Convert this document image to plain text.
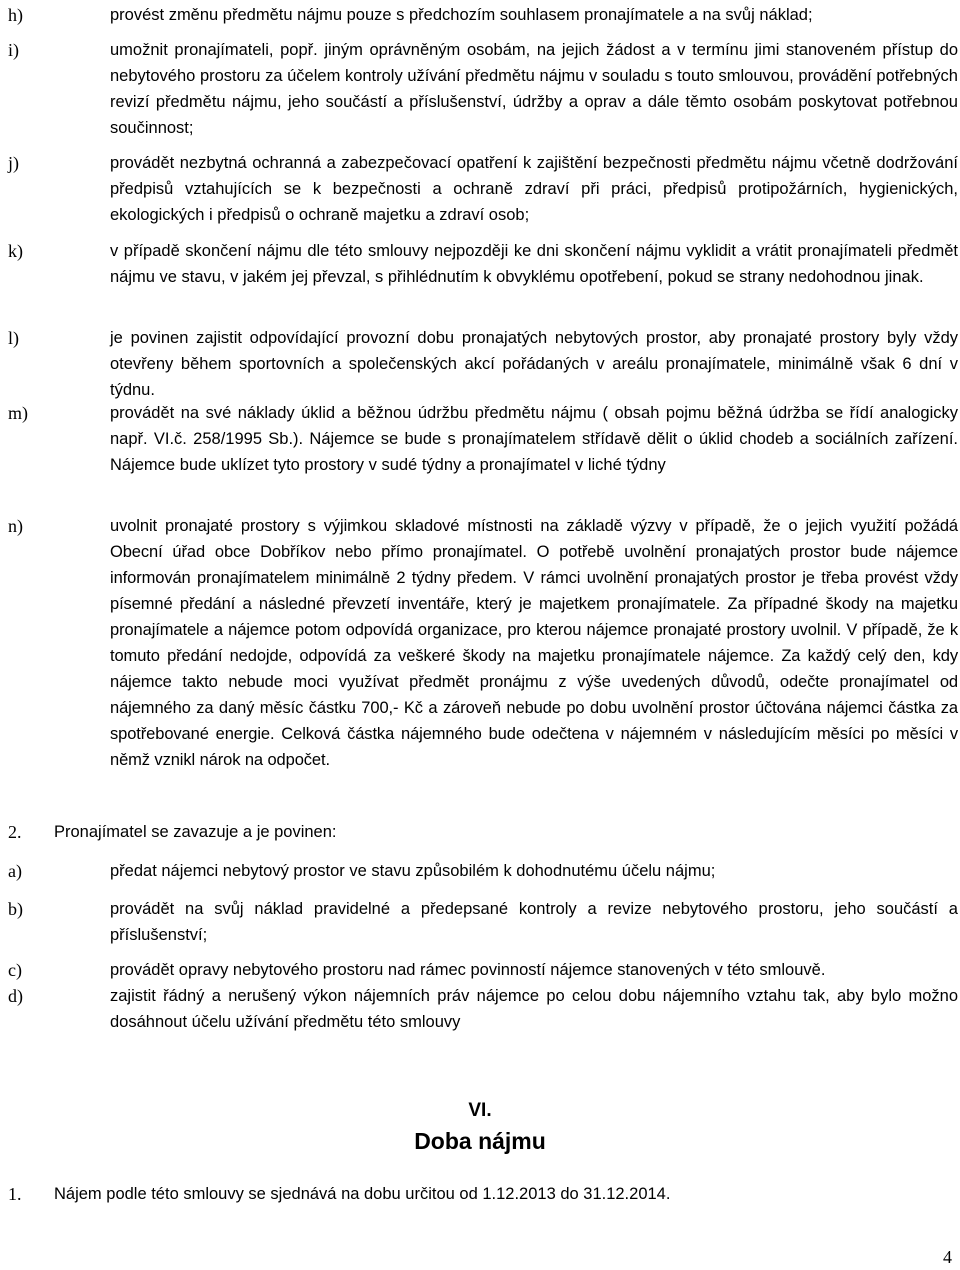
h)	provést změnu předmětu nájmu pouze s předchozím souhlasem pronajímatele a na svůj náklad;
i)	umožnit pronajímateli, popř. jiným oprávněným osobám, na jejich žádost a v termínu jimi stanoveném přístup do nebytového prostoru za účelem kontroly užívání předmětu nájmu v souladu s touto smlouvou, provádění potřebných revizí předmětu nájmu, jeho součástí a příslušenství, údržby a oprav a dále těmto osobám poskytovat potřebnou součinnost;
j)	provádět nezbytná ochranná a zabezpečovací opatření k zajištění bezpečnosti předmětu nájmu včetně dodržování předpisů vztahujících se k bezpečnosti a ochraně zdraví při práci, předpisů protipožárních, hygienických, ekologických i předpisů o ochraně majetku a zdraví osob;
k)	v případě skončení nájmu dle této smlouvy nejpozději ke dni skončení nájmu vyklidit a vrátit pronajímateli předmět nájmu ve stavu, v jakém jej převzal, s přihlédnutím k obvyklému opotřebení, pokud se strany nedohodnou jinak.
l)	je povinen zajistit odpovídající provozní dobu pronajatých nebytových prostor, aby pronajaté prostory byly vždy otevřeny během sportovních a společenských akcí pořádaných v areálu pronajímatele, minimálně však 6 dní v týdnu.
m)	provádět na své náklady úklid a běžnou údržbu předmětu nájmu ( obsah pojmu běžná údržba se řídí analogicky např. VI.č. 258/1995 Sb.). Nájemce se bude s pronajímatelem střídavě dělit o úklid chodeb a sociálních zařízení. Nájemce bude uklízet tyto prostory v sudé týdny a pronajímatel v liché týdny
n)	uvolnit pronajaté prostory s výjimkou skladové místnosti na základě výzvy v případě, že o jejich využití požádá Obecní úřad obce Dobříkov nebo přímo pronajímatel. O potřebě uvolnění pronajatých prostor bude nájemce informován pronajímatelem minimálně 2 týdny předem. V rámci uvolnění pronajatých prostor je třeba provést vždy písemné předání a následné převzetí inventáře, který je majetkem pronajímatele. Za případné škody na majetku pronajímatele a nájemce potom odpovídá organizace, pro kterou nájemce pronajaté prostory uvolnil. V případě, že k tomuto předání nedojde, odpovídá za veškeré škody na majetku pronajímatele nájemce. Za každý celý den, kdy nájemce takto nebude moci využívat předmět pronájmu z výše uvedených důvodů, odečte pronajímatel od nájemného za daný měsíc částku 700,- Kč a zároveň nebude po dobu uvolnění prostor účtována nájemci částka za spotřebované energie. Celková částka nájemného bude odečtena v nájemném v následujícím měsíci po měsíci v němž vznikl nárok na odpočet.
2. Pronajímatel se zavazuje a je povinen:
a)	předat nájemci nebytový prostor ve stavu způsobilém k dohodnutému účelu nájmu;
b)	provádět na svůj náklad pravidelné a předepsané kontroly a revize nebytového prostoru, jeho součástí a příslušenství;
c)	provádět opravy nebytového prostoru nad rámec povinností nájemce stanovených v této smlouvě.
d)	zajistit řádný a nerušený výkon nájemních práv nájemce po celou dobu nájemního vztahu tak, aby bylo možno dosáhnout účelu užívání předmětu této smlouvy
VI.
Doba nájmu
1. Nájem podle této smlouvy se sjednává na dobu určitou od 1.12.2013 do 31.12.2014.
4
